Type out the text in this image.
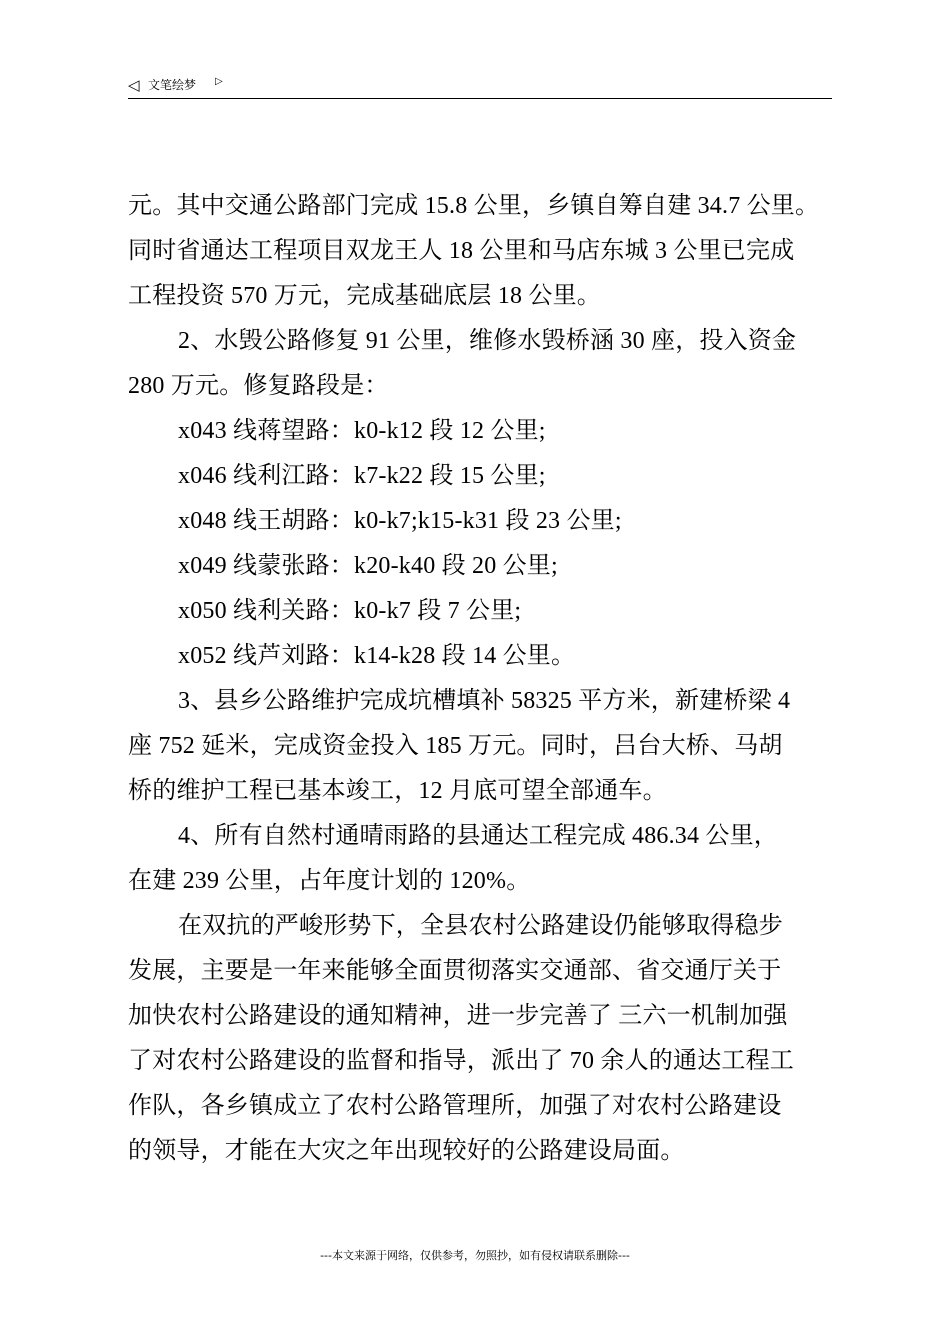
◁ 文笔绘梦 ▷
元。其中交通公路部门完成 15.8 公里，乡镇自筹自建 34.7 公里。
同时省通达工程项目双龙王人 18 公里和马店东城 3 公里已完成
工程投资 570 万元，完成基础底层 18 公里。
2、水毁公路修复 91 公里，维修水毁桥涵 30 座，投入资金
280 万元。修复路段是：
x043 线蒋望路：k0-k12 段 12 公里;
x046 线利江路：k7-k22 段 15 公里;
x048 线王胡路：k0-k7;k15-k31 段 23 公里;
x049 线蒙张路：k20-k40 段 20 公里;
x050 线利关路：k0-k7 段 7 公里;
x052 线芦刘路：k14-k28 段 14 公里。
3、县乡公路维护完成坑槽填补 58325 平方米，新建桥梁 4
座 752 延米，完成资金投入 185 万元。同时，吕台大桥、马胡
桥的维护工程已基本竣工，12 月底可望全部通车。
4、所有自然村通晴雨路的县通达工程完成 486.34 公里，
在建 239 公里，占年度计划的 120%。
在双抗的严峻形势下，全县农村公路建设仍能够取得稳步
发展，主要是一年来能够全面贯彻落实交通部、省交通厅关于
加快农村公路建设的通知精神，进一步完善了 三六一机制加强
了对农村公路建设的监督和指导，派出了 70 余人的通达工程工
作队，各乡镇成立了农村公路管理所，加强了对农村公路建设
的领导，才能在大灾之年出现较好的公路建设局面。
---本文来源于网络，仅供参考，勿照抄，如有侵权请联系删除---
